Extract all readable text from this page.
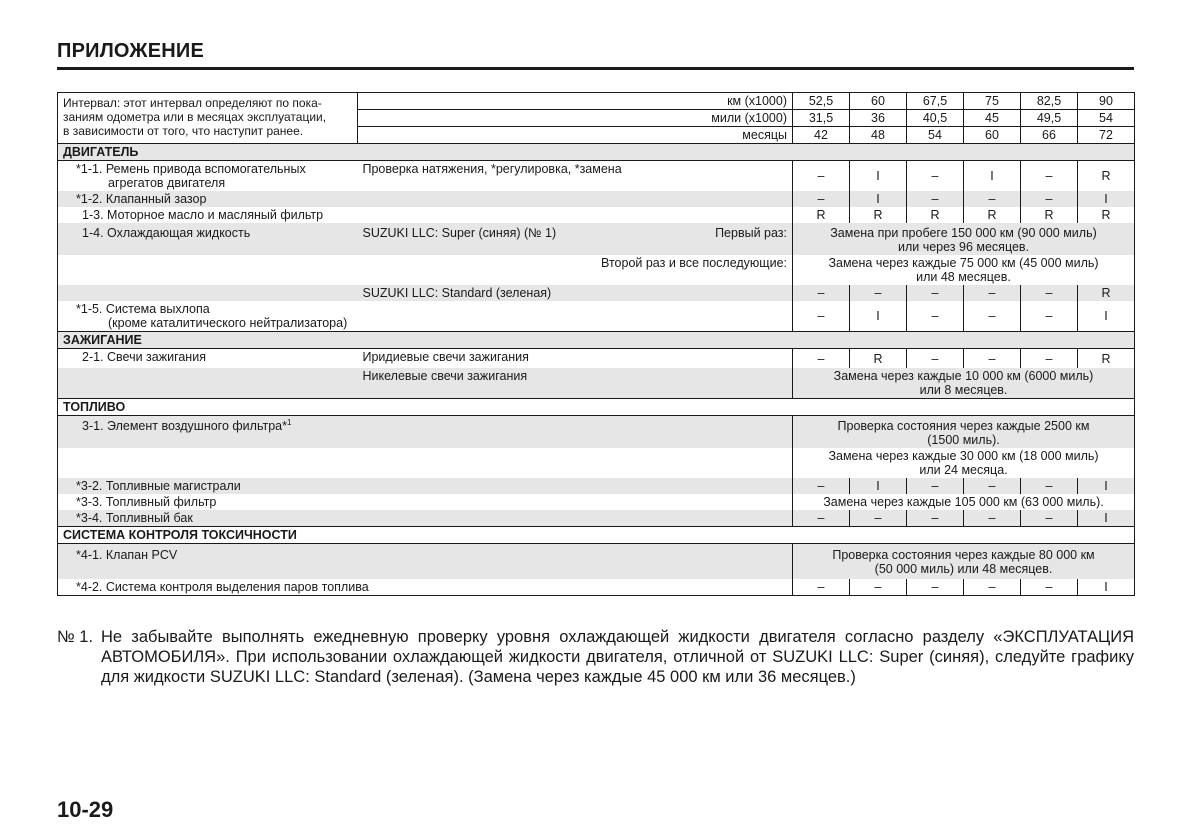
ПРИЛОЖЕНИЕ
Интервал: этот интервал определяют по пока-
заниям одометра или в месяцах эксплуатации,
в зависимости от того, что наступит ранее.	км (x1000)	52,5	60	67,5	75	82,5	90
	мили (x1000)	31,5	36	40,5	45	49,5	54
	месяцы	42	48	54	60	66	72
ДВИГАТЕЛЬ							
*1-1. Ремень привода вспомогательных
агрегатов двигателя	Проверка натяжения, *регулировка, *замена	–	I	–	I	–	R
*1-2. Клапанный зазор		–	I	–	–	–	I
1-3. Моторное масло и масляный фильтр		R	R	R	R	R	R
1-4. Охлаждающая жидкость	SUZUKI LLC: Super (синяя) (№ 1) Первый раз:	Замена при пробеге 150 000 км (90 000 миль)
или через 96 месяцев.					
	Второй раз и все последующие:	Замена через каждые 75 000 км (45 000 миль)
или 48 месяцев.					
	SUZUKI LLC: Standard (зеленая)	–	–	–	–	–	R
*1-5. Система выхлопа
(кроме каталитического нейтрализатора)		–	I	–	–	–	I
ЗАЖИГАНИЕ							
2-1. Свечи зажигания	Иридиевые свечи зажигания	–	R	–	–	–	R
	Никелевые свечи зажигания	Замена через каждые 10 000 км (6000 миль)
или 8 месяцев.					
ТОПЛИВО							
3-1. Элемент воздушного фильтра*$^1$		Проверка состояния через каждые 2500 км
(1500 миль).					
		Замена через каждые 30 000 км (18 000 миль)
или 24 месяца.					
*3-2. Топливные магистрали		–	I	–	–	–	I
*3-3. Топливный фильтр		Замена через каждые 105 000 км (63 000 миль).					
*3-4. Топливный бак		–	–	–	–	–	I
СИСТЕМА КОНТРОЛЯ ТОКСИЧНОСТИ							
*4-1. Клапан PCV		Проверка состояния через каждые 80 000 км
(50 000 миль) или 48 месяцев.					
*4-2. Система контроля выделения паров топлива		–	–	–	–	–	I
№ 1. Не забывайте выполнять ежедневную проверку уровня охлаждающей жидкости двигателя согласно разделу «ЭКСПЛУАТАЦИЯ АВТОМОБИЛЯ». При использовании охлаждающей жидкости двигателя, отличной от SUZUKI LLC: Super (синяя), следуйте графику для жидкости SUZUKI LLC: Standard (зеленая). (Замена через каждые 45 000 км или 36 месяцев.)
10-29
